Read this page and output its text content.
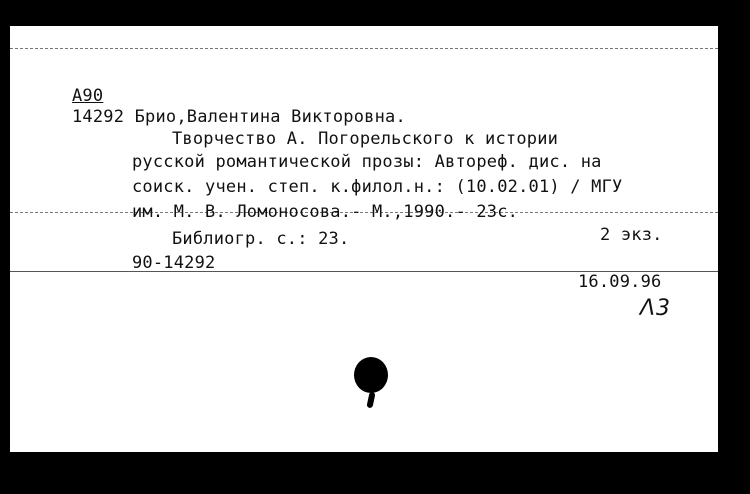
А90
14292 Брио,Валентина Викторовна.
Творчество А. Погорельского к истории
русской романтической прозы: Автореф. дис. на
соиск. учен. степ. к.филол.н.: (10.02.01) / МГУ
им. М. В. Ломоносова.- М.,1990.- 23с.
Библиогр. с.: 23.	2 экз.
90-14292
16.09.96
Λ3
